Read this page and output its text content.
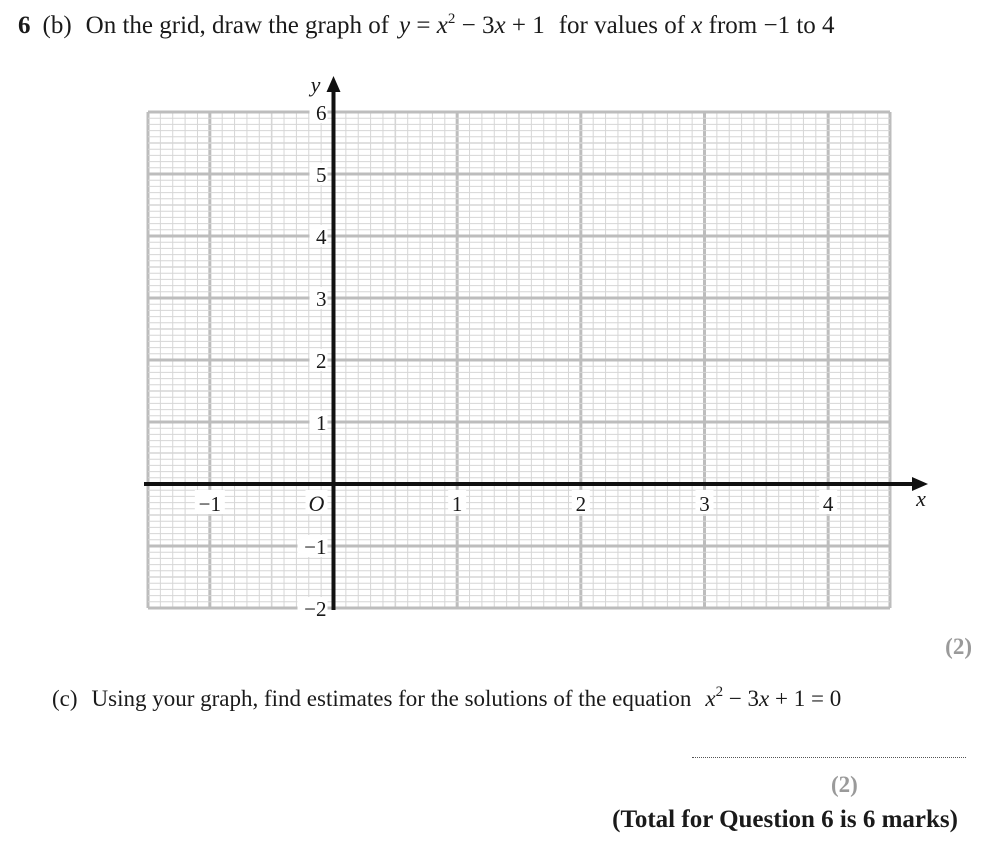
6 (b) On the grid, draw the graph of $y = x^2 - 3x + 1$ for values of x from −1 to 4
−1	1	2	3	4
6
5
4
3
2
1
−1
−2
O	x
y
(2)
(c) Using your graph, find estimates for the solutions of the equation $x^2 - 3x + 1 = 0$
(2)
(Total for Question 6 is 6 marks)
